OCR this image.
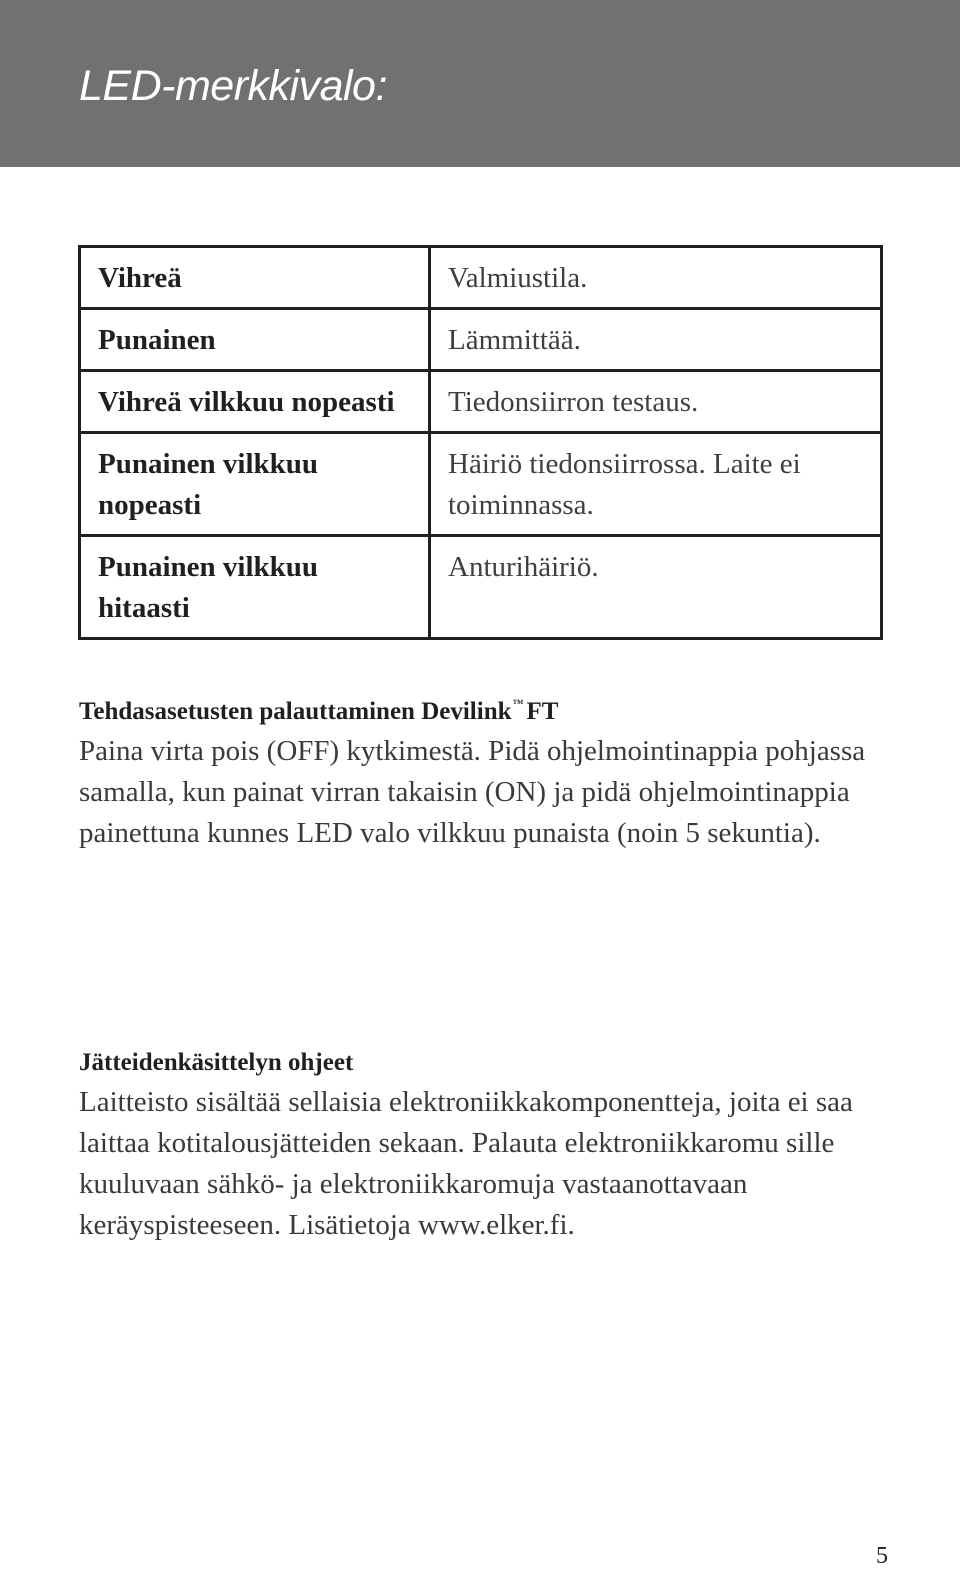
LED-merkkivalo:
Vihreä	Valmiustila.
Punainen	Lämmittää.
Vihreä vilkkuu nopeasti	Tiedonsiirron testaus.
Punainen vilkkuu nopeasti	Häiriö tiedonsiirrossa. Laite ei toiminnassa.
Punainen vilkkuu hitaasti	Anturihäiriö.
Tehdasasetusten palauttaminen Devilink™ FT

Paina virta pois (OFF) kytkimestä. Pidä ohjelmointinappia pohjassa samalla, kun painat virran takaisin (ON) ja pidä ohjelmointinappia painettuna kunnes LED valo vilkkuu punaista (noin 5 sekuntia).

Jätteidenkäsittelyn ohjeet

Laitteisto sisältää sellaisia elektroniikkakomponentteja, joita ei saa laittaa kotitalousjätteiden sekaan. Palauta elektroniikkaromu sille kuuluvaan sähkö- ja elektroniikkaromuja vastaanottavaan keräyspisteeseen. Lisätietoja www.elker.fi.

5
